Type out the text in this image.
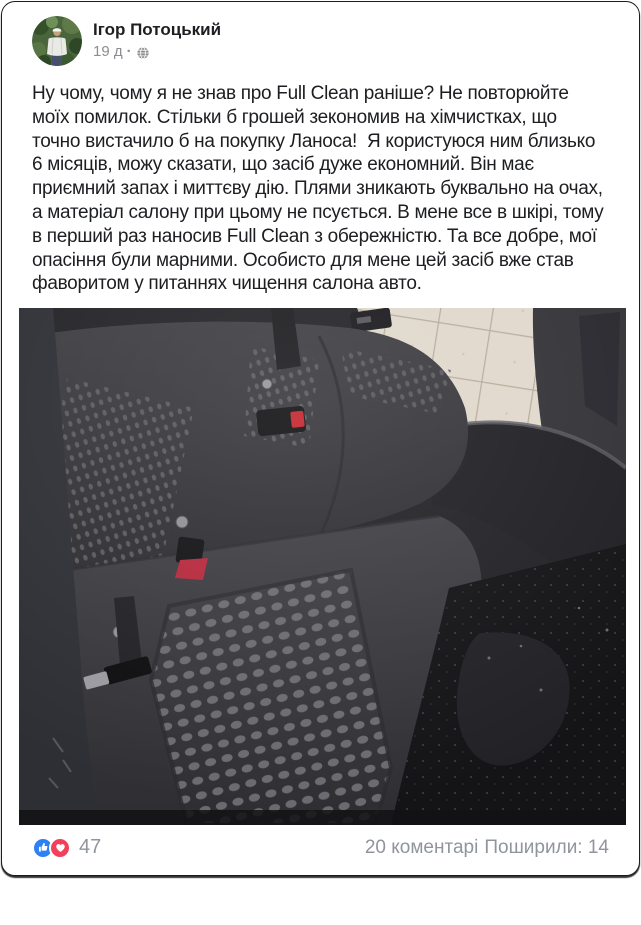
Ігор Потоцький
19 д ·
Ну чому, чому я не знав про Full Clean раніше? Не повторюйте моїх помилок. Стільки б грошей зекономив на хімчистках, що точно вистачило б на покупку Ланоса!  Я користуюся ним близько 6 місяців, можу сказати, що засіб дуже економний. Він має приємний запах і миттєву дію. Плями зникають буквально на очах, а матеріал салону при цьому не псується. В мене все в шкірі, тому в перший раз наносив Full Clean з обережністю. Та все добре, мої опасіння були марними. Особисто для мене цей засіб вже став фаворитом у питаннях чищення салона авто.
47	20 коментарі Поширили: 14
